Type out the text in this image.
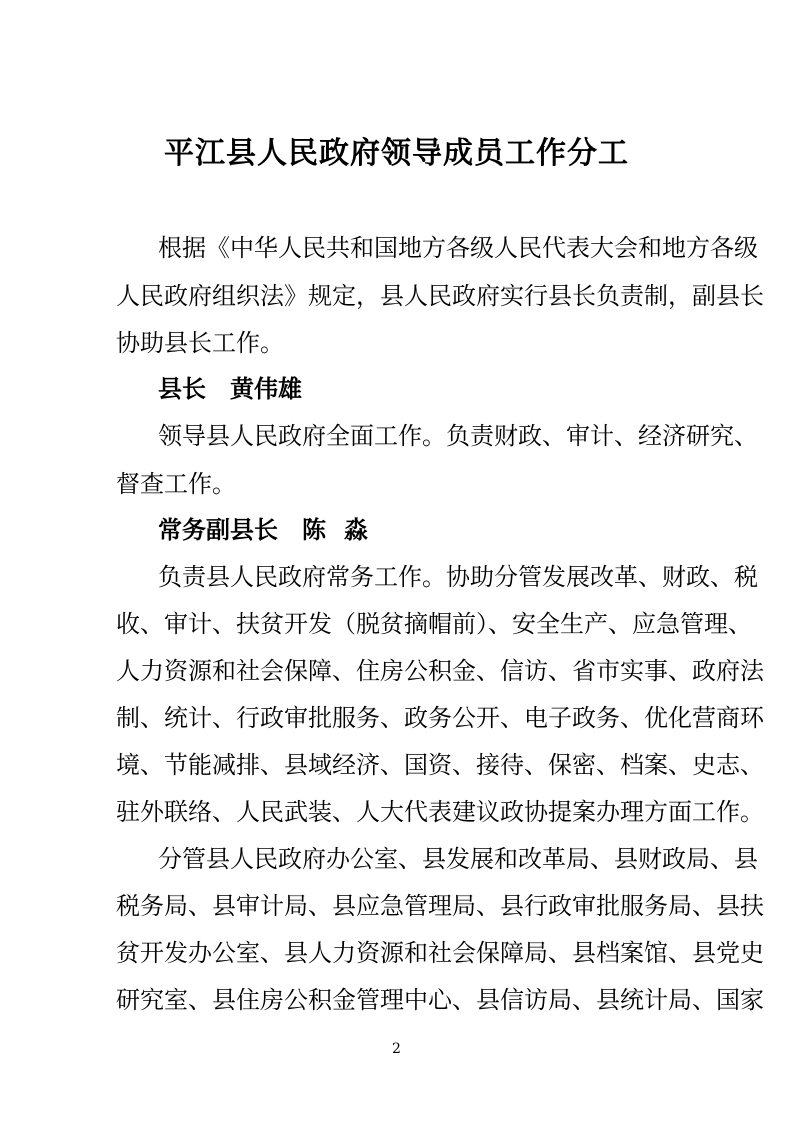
平江县人民政府领导成员工作分工
根据《中华人民共和国地方各级人民代表大会和地方各级
人民政府组织法》规定，县人民政府实行县长负责制，副县长
协助县长工作。
县长 黄伟雄
领导县人民政府全面工作。负责财政、审计、经济研究、
督查工作。
常务副县长 陈 淼
负责县人民政府常务工作。协助分管发展改革、财政、税
收、审计、扶贫开发（脱贫摘帽前）、安全生产、应急管理、
人力资源和社会保障、住房公积金、信访、省市实事、政府法
制、统计、行政审批服务、政务公开、电子政务、优化营商环
境、节能减排、县域经济、国资、接待、保密、档案、史志、
驻外联络、人民武装、人大代表建议政协提案办理方面工作。
分管县人民政府办公室、县发展和改革局、县财政局、县
税务局、县审计局、县应急管理局、县行政审批服务局、县扶
贫开发办公室、县人力资源和社会保障局、县档案馆、县党史
研究室、县住房公积金管理中心、县信访局、县统计局、国家
2
